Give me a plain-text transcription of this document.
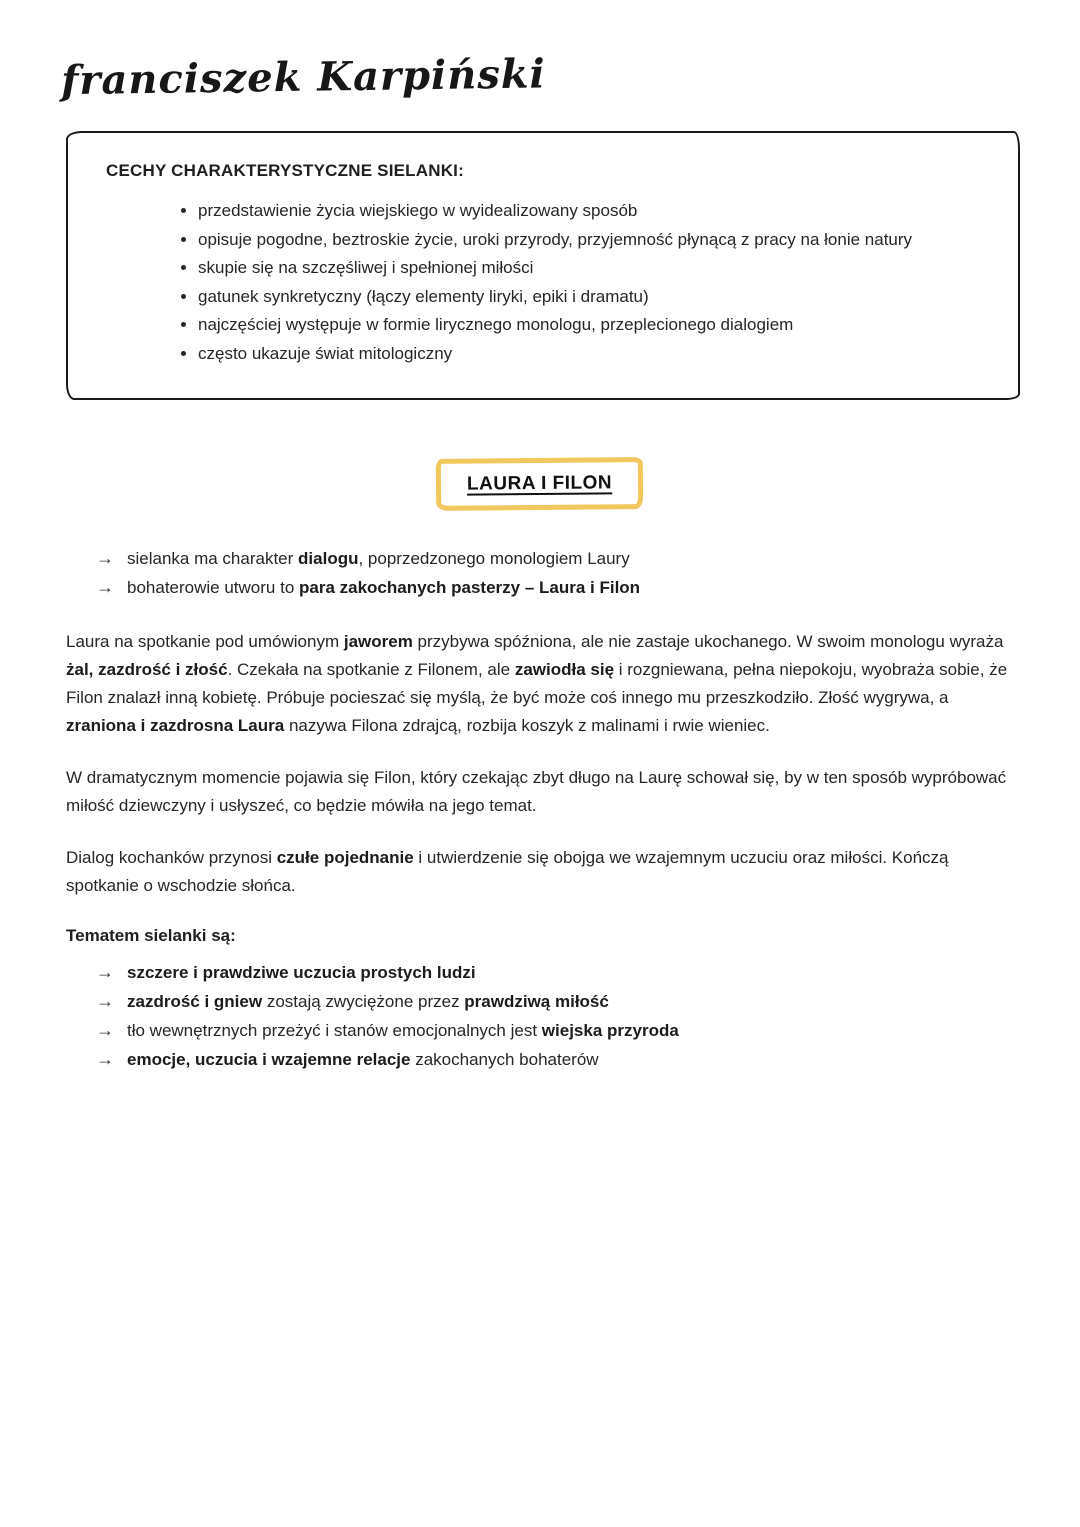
franciszek Karpiński
CECHY CHARAKTERYSTYCZNE SIELANKI:
• przedstawienie życia wiejskiego w wyidealizowany sposób
• opisuje pogodne, beztroskie życie, uroki przyrody, przyjemność płynącą z pracy na łonie natury
• skupie się na szczęśliwej i spełnionej miłości
• gatunek synkretyczny (łączy elementy liryki, epiki i dramatu)
• najczęściej występuje w formie lirycznego monologu, przeplecionego dialogiem
• często ukazuje świat mitologiczny
LAURA I FILON
→ sielanka ma charakter dialogu, poprzedzonego monologiem Laury
→ bohaterowie utworu to para zakochanych pasterzy – Laura i Filon

Laura na spotkanie pod umówionym jaworem przybywa spóźniona, ale nie zastaje ukochanego. W swoim monologu wyraża żal, zazdrość i złość. Czekała na spotkanie z Filonem, ale zawiodła się i rozgniewana, pełna niepokoju, wyobraża sobie, że Filon znalazł inną kobietę. Próbuje pocieszać się myślą, że być może coś innego mu przeszkodziło. Złość wygrywa, a zraniona i zazdrosna Laura nazywa Filona zdrajcą, rozbija koszyk z malinami i rwie wieniec.

W dramatycznym momencie pojawia się Filon, który czekając zbyt długo na Laurę schował się, by w ten sposób wypróbować miłość dziewczyny i usłyszeć, co będzie mówiła na jego temat.

Dialog kochanków przynosi czułe pojednanie i utwierdzenie się obojga we wzajemnym uczuciu oraz miłości. Kończą spotkanie o wschodzie słońca.

Tematem sielanki są:

→ szczere i prawdziwe uczucia prostych ludzi
→ zazdrość i gniew zostają zwyciężone przez prawdziwą miłość
→ tło wewnętrznych przeżyć i stanów emocjonalnych jest wiejska przyroda
→ emocje, uczucia i wzajemne relacje zakochanych bohaterów
